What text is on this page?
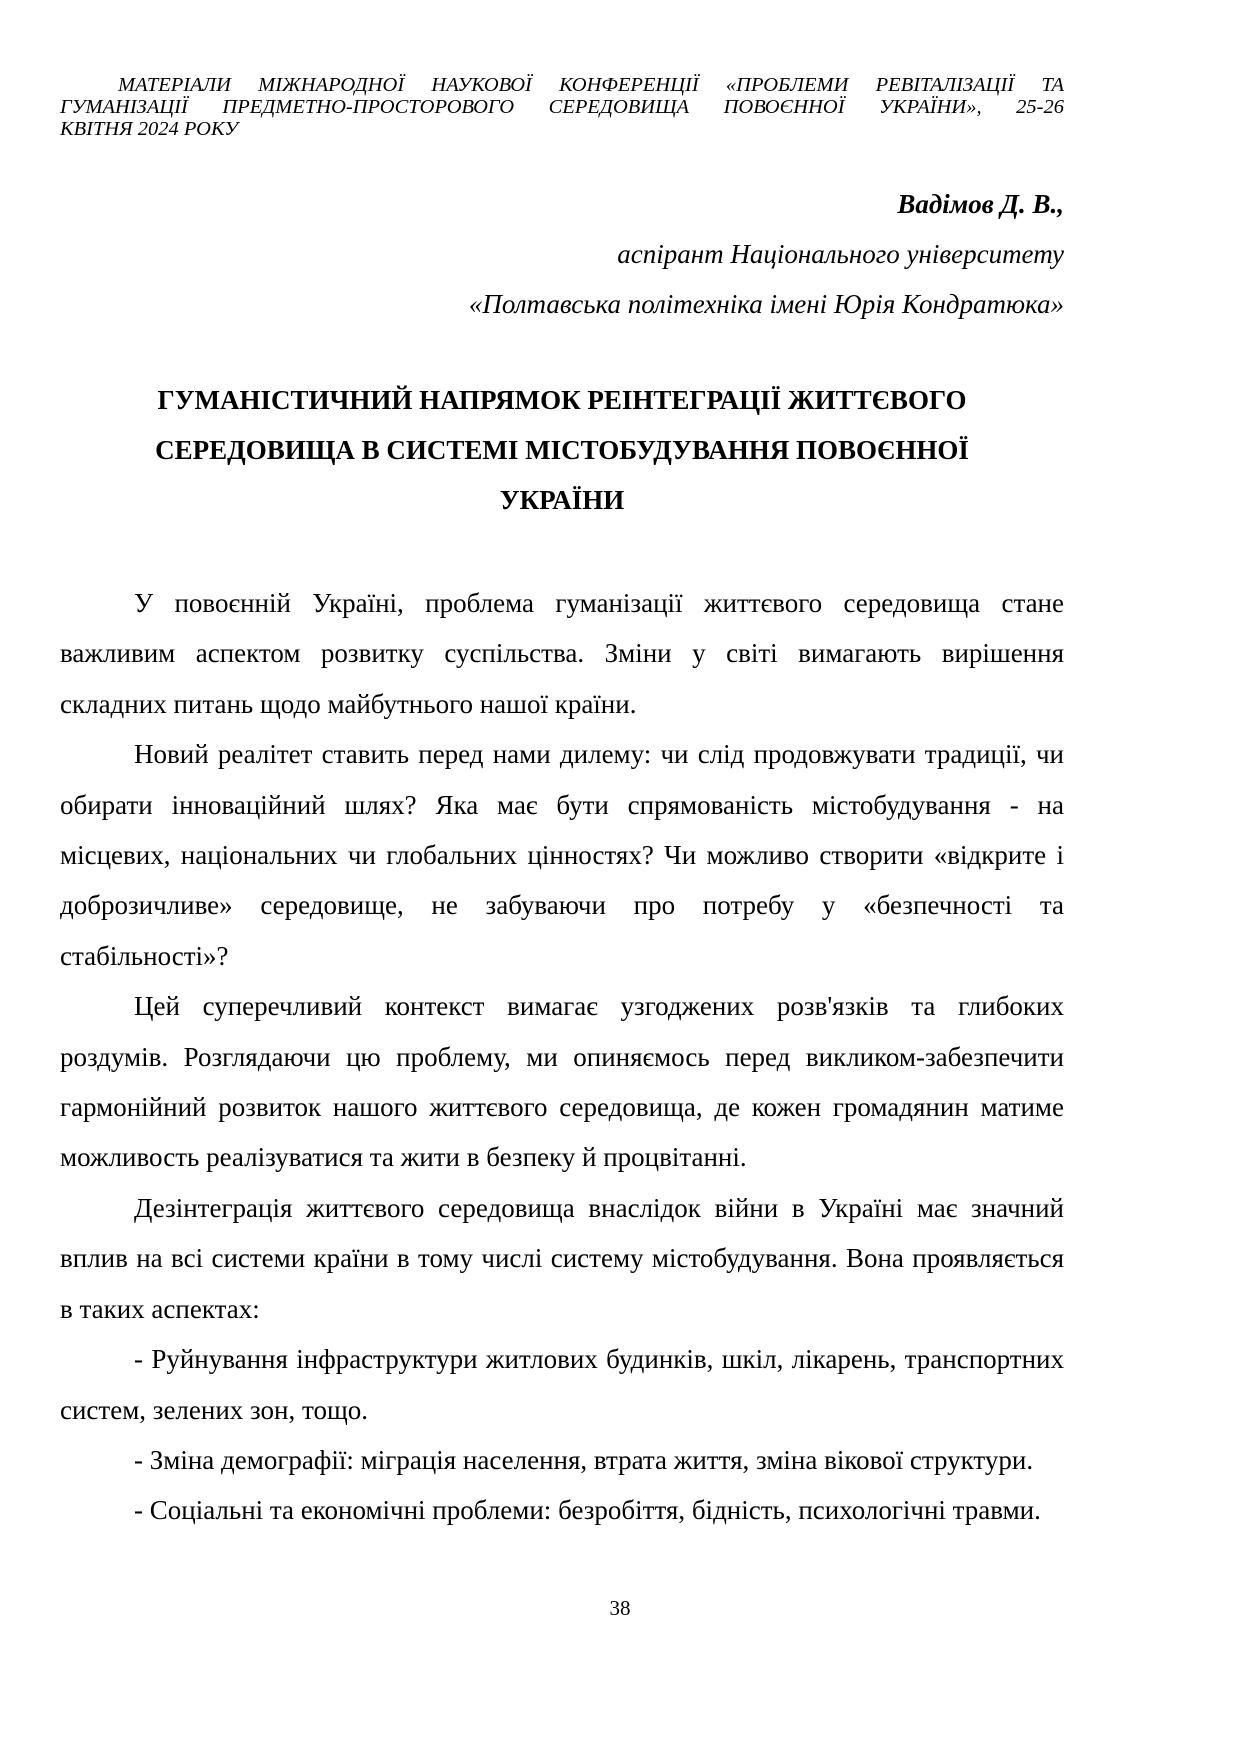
МАТЕРІАЛИ МІЖНАРОДНОЇ НАУКОВОЇ КОНФЕРЕНЦІЇ «ПРОБЛЕМИ РЕВІТАЛІЗАЦІЇ ТА
ГУМАНІЗАЦІЇ ПРЕДМЕТНО-ПРОСТОРОВОГО СЕРЕДОВИЩА ПОВОЄННОЇ УКРАЇНИ», 25-26
КВІТНЯ 2024 РОКУ
Вадімов Д. В.,
аспірант Національного університету
«Полтавська політехніка імені Юрія Кондратюка»
ГУМАНІСТИЧНИЙ НАПРЯМОК РЕІНТЕГРАЦІЇ ЖИТТЄВОГО
СЕРЕДОВИЩА В СИСТЕМІ МІСТОБУДУВАННЯ ПОВОЄННОЇ
УКРАЇНИ

У повоєнній Україні, проблема гуманізації життєвого середовища стане важливим аспектом розвитку суспільства. Зміни у світі вимагають вирішення складних питань щодо майбутнього нашої країни.

Новий реалітет ставить перед нами дилему: чи слід продовжувати традиції, чи обирати інноваційний шлях? Яка має бути спрямованість містобудування - на місцевих, національних чи глобальних цінностях? Чи можливо створити «відкрите і доброзичливе» середовище, не забуваючи про потребу у «безпечності та стабільності»?

Цей суперечливий контекст вимагає узгоджених розв'язків та глибоких роздумів. Розглядаючи цю проблему, ми опиняємось перед викликом-забезпечити гармонійний розвиток нашого життєвого середовища, де кожен громадянин матиме можливость реалізуватися та жити в безпеку й процвітанні.

Дезінтеграція життєвого середовища внаслідок війни в Україні має значний вплив на всі системи країни в тому числі систему містобудування. Вона проявляється в таких аспектах:

- Руйнування інфраструктури житлових будинків, шкіл, лікарень, транспортних систем, зелених зон, тощо.

- Зміна демографії: міграція населення, втрата життя, зміна вікової структури.

- Соціальні та економічні проблеми: безробіття, бідність, психологічні травми.

38
